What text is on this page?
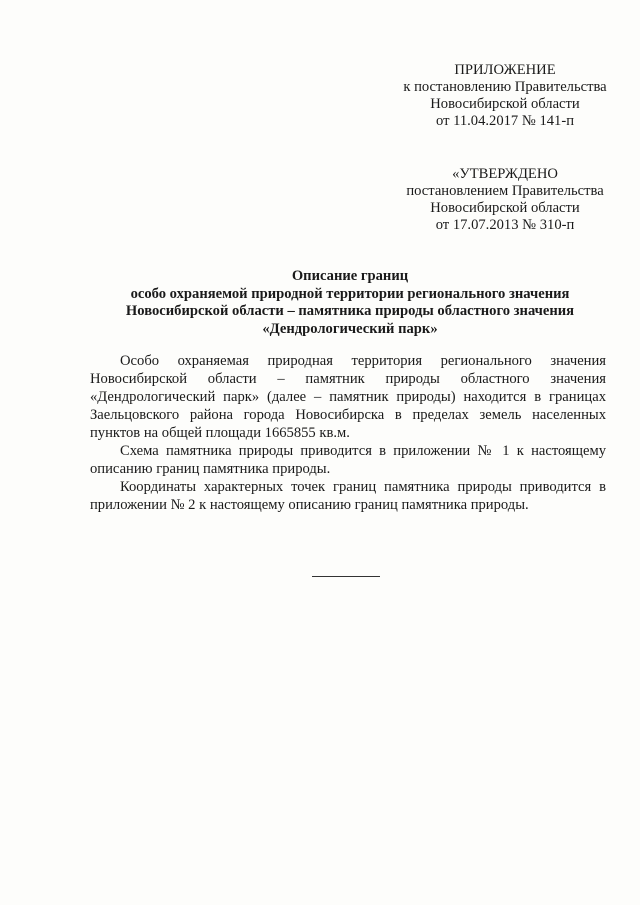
ПРИЛОЖЕНИЕ
к постановлению Правительства
Новосибирской области
от 11.04.2017 № 141-п
«УТВЕРЖДЕНО
постановлением Правительства
Новосибирской области
от 17.07.2013 № 310-п
Описание границ
особо охраняемой природной территории регионального значения
Новосибирской области – памятника природы областного значения
«Дендрологический парк»

Особо охраняемая природная территория регионального значения Новосибирской области – памятник природы областного значения «Дендрологический парк» (далее – памятник природы) находится в границах Заельцовского района города Новосибирска в пределах земель населенных пунктов на общей площади 1665855 кв.м.

Схема памятника природы приводится в приложении № 1 к настоящему описанию границ памятника природы.

Координаты характерных точек границ памятника природы приводится в приложении № 2 к настоящему описанию границ памятника природы.
